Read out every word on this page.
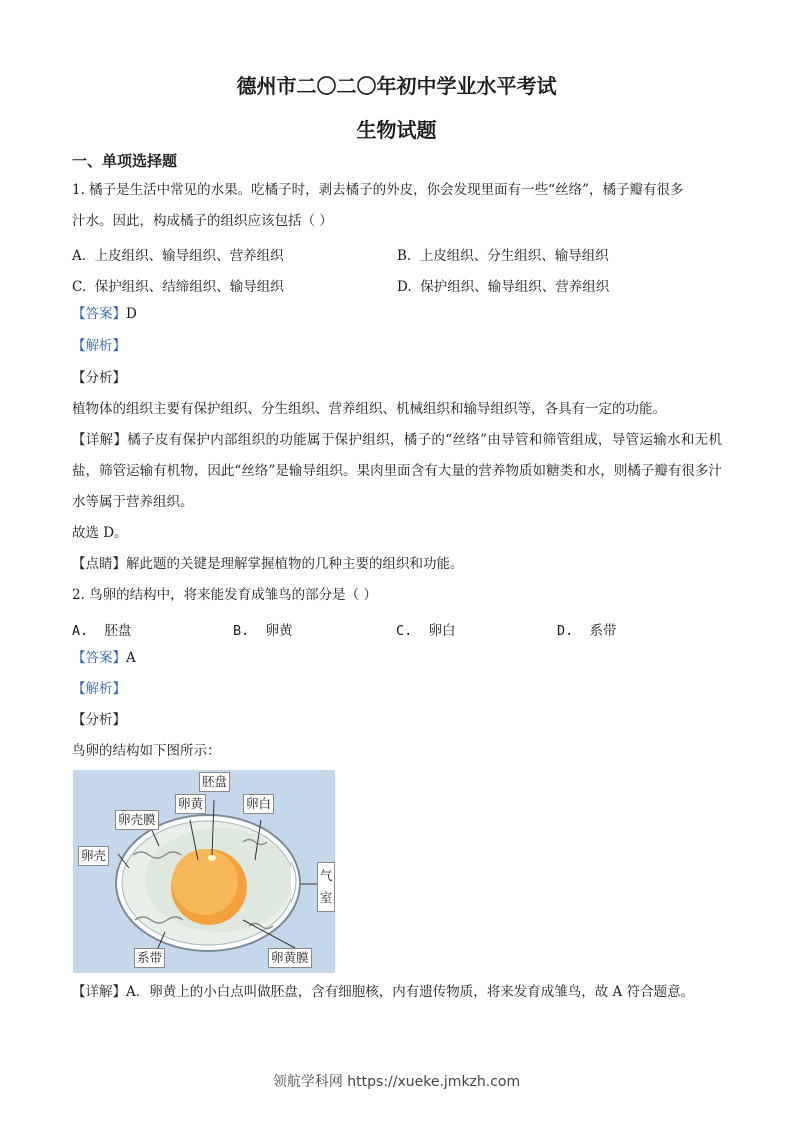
德州市二〇二〇年初中学业水平考试
生物试题
一、单项选择题
1. 橘子是生活中常见的水果。吃橘子时，剥去橘子的外皮，你会发现里面有一些“丝络”，橘子瓣有很多
汁水。因此，构成橘子的组织应该包括（ ）
A. 上皮组织、输导组织、营养组织	B. 上皮组织、分生组织、输导组织
C. 保护组织、结缔组织、输导组织	D. 保护组织、输导组织、营养组织
【答案】D
【解析】
【分析】
植物体的组织主要有保护组织、分生组织、营养组织、机械组织和输导组织等，各具有一定的功能。
【详解】橘子皮有保护内部组织的功能属于保护组织，橘子的“丝络”由导管和筛管组成，导管运输水和无机盐，筛管运输有机物，因此“丝络”是输导组织。果肉里面含有大量的营养物质如糖类和水，则橘子瓣有很多汁水等属于营养组织。
故选 D。
【点睛】解此题的关键是理解掌握植物的几种主要的组织和功能。
2. 鸟卵的结构中，将来能发育成雏鸟的部分是（ ）
A. 胚盘	B. 卵黄	C. 卵白	D. 系带
【答案】A
【解析】
【分析】
鸟卵的结构如下图所示：
胚盘
卵黄	卵白
卵壳膜
卵壳
气
室
系带	卵黄膜
【详解】A．卵黄上的小白点叫做胚盘，含有细胞核，内有遗传物质，将来发育成雏鸟，故 A 符合题意。
领航学科网 https://xueke.jmkzh.com
